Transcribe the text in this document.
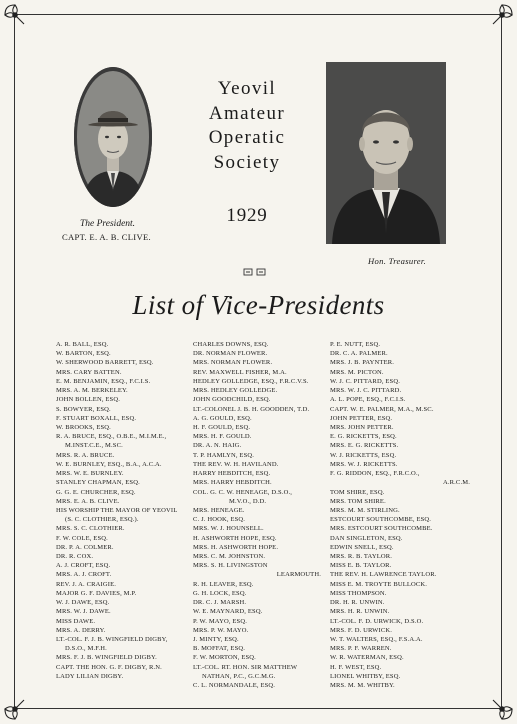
The President.
CAPT. E. A. B. CLIVE.
Yeovil
Amateur
Operatic
Society
1929
Hon. Treasurer.
List of Vice-Presidents
A. R. BALL, ESQ.
W. BARTON, ESQ.
W. SHERWOOD BARRETT, ESQ.
MRS. CARY BATTEN.
E. M. BENJAMIN, ESQ., F.C.I.S.
MRS. A. M. BERKELEY.
JOHN BOLLEN, ESQ.
S. BOWYER, ESQ.
F. STUART BOXALL, ESQ.
W. BROOKS, ESQ.
R. A. BRUCE, ESQ., O.B.E., M.I.M.E.,
M.INST.C.E., M.SC.
MRS. R. A. BRUCE.
W. E. BURNLEY, ESQ., B.A., A.C.A.
MRS. W. E. BURNLEY.
STANLEY CHAPMAN, ESQ.
G. G. E. CHURCHER, ESQ.
MRS. E. A. B. CLIVE.
HIS WORSHIP THE MAYOR OF YEOVIL
(S. C. CLOTHIER, ESQ.).
MRS. S. C. CLOTHIER.
F. W. COLE, ESQ.
DR. P. A. COLMER.
DR. R. COX.
A. J. CROFT, ESQ.
MRS. A. J. CROFT.
REV. J. A. CRAIGIE.
MAJOR G. F. DAVIES, M.P.
W. J. DAWE, ESQ.
MRS. W. J. DAWE.
MISS DAWE.
MRS. A. DERRY.
LT.-COL. F. J. B. WINGFIELD DIGBY,
D.S.O., M.F.H.
MRS. F. J. B. WINGFIELD DIGBY.
CAPT. THE HON. G. F. DIGBY, R.N.
LADY LILIAN DIGBY.
CHARLES DOWNS, ESQ.
DR. NORMAN FLOWER.
MRS. NORMAN FLOWER.
REV. MAXWELL FISHER, M.A.
HEDLEY GOLLEDGE, ESQ., F.R.C.V.S.
MRS. HEDLEY GOLLEDGE.
JOHN GOODCHILD, ESQ.
LT.-COLONEL J. B. H. GOODDEN, T.D.
A. G. GOULD, ESQ.
H. F. GOULD, ESQ.
MRS. H. F. GOULD.
DR. A. N. HAIG.
T. P. HAMLYN, ESQ.
THE REV. W. H. HAVILAND.
HARRY HEBDITCH, ESQ.
MRS. HARRY HEBDITCH.
COL. G. C. W. HENEAGE, D.S.O.,
M.V.O., D.D.
MRS. HENEAGE.
C. J. HOOK, ESQ.
MRS. W. J. HOUNSELL.
H. ASHWORTH HOPE, ESQ.
MRS. H. ASHWORTH HOPE.
MRS. C. M. JOHNSTON.
MRS. S. H. LIVINGSTON
LEARMOUTH.
R. H. LEAVER, ESQ.
G. H. LOCK, ESQ.
DR. C. J. MARSH.
W. E. MAYNARD, ESQ.
P. W. MAYO, ESQ.
MRS. P. W. MAYO.
J. MINTY, ESQ.
B. MOFFAT, ESQ.
F. W. MORTON, ESQ.
LT.-COL. RT. HON. SIR MATTHEW
NATHAN, P.C., G.C.M.G.
C. L. NORMANDALE, ESQ.
P. E. NUTT, ESQ.
DR. C. A. PALMER.
MRS. J. B. PAYNTER.
MRS. M. PICTON.
W. J. C. PITTARD, ESQ.
MRS. W. J. C. PITTARD.
A. L. POPE, ESQ., F.C.I.S.
CAPT. W. E. PALMER, M.A., M.SC.
JOHN PETTER, ESQ.
MRS. JOHN PETTER.
E. G. RICKETTS, ESQ.
MRS. E. G. RICKETTS.
W. J. RICKETTS, ESQ.
MRS. W. J. RICKETTS.
F. G. RIDDON, ESQ., F.R.C.O.,
A.R.C.M.
TOM SHIRE, ESQ.
MRS. TOM SHIRE.
MRS. M. M. STIRLING.
ESTCOURT SOUTHCOMBE, ESQ.
MRS. ESTCOURT SOUTHCOMBE.
DAN SINGLETON, ESQ.
EDWIN SNELL, ESQ.
MRS. R. B. TAYLOR.
MISS E. B. TAYLOR.
THE REV. H. LAWRENCE TAYLOR.
MISS E. M. TROYTE BULLOCK.
MISS THOMPSON.
DR. H. R. UNWIN.
MRS. H. R. UNWIN.
LT.-COL. F. D. URWICK, D.S.O.
MRS. F. D. URWICK.
W. T. WALTERS, ESQ., F.S.A.A.
MRS. P. F. WARREN.
W. R. WATERMAN, ESQ.
H. F. WEST, ESQ.
LIONEL WHITBY, ESQ.
MRS. M. M. WHITBY.
